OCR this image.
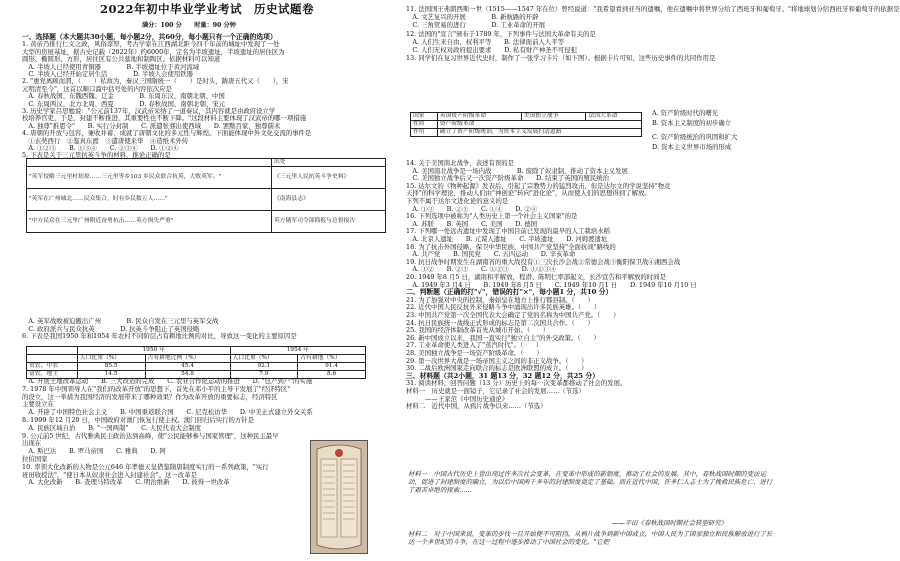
2022年初中毕业学业考试　历史试题卷
满分：100 分　　时量：90 分钟
一、选择题（本大题共30小题，每小题2分，共60分，每小题只有一个正确的选项）
1. 黄帝乃推行仁义之政，风俗淳厚，考古学家在江西湖北距今四千年前的城址中发现了一处
大型的房屋基址，据古史记载（2022年）约6000年，定名为半坡遗址，半坡遗址的居住区为
圆形、椭圆形、方形，居住区有公共墓地和制陶区。依据材料可以知道
　A. 半坡人已经使用青铜器　　　　B. 半坡遗址位于黄河流域
　C. 半坡人已经开始定居生活　　　　D. 半坡人会使用铁器
2. "惠党离顾而渭，（　　）私故为，秦汉三国隋统一（　　）是时头，隋唐五代又（　　），宋
元明清至今"，这首以顺口溜中括号处的内容依次应是
　A. 春秋战国、东魏西魏、辽金　　　　B. 东周东汉、南朝北朝、中国
　C. 东周两汉、北方北周、西夏　　　　D. 春秋战国、南朝北朝、宋元
3. 历史学家吕思勉说："公元前137年，汉武帝采纳了一道奏议，其内容就是由政府设立学
校培养官吏，于是，封建不断推进，其重要性也不断下降。"这段材料主要体现了汉武帝的哪一项措施
　A. 独尊"推恩令"　　B. 实行分封制　　C. 派遣张骞出使西域　　D. 罢黜百家，独尊儒术
4. 唐朝的开放与包容，兼收并蓄，成就了唐朝文化的多元性与辉煌。下面能体现中外文化交流的事件是
　①玄奘西行　②鉴真东渡　③遣唐使来华　④造纸术外传
　A. ①②③　　B. ①③④　　C. ②③④　　D. ①②④
5. 下表是关于三元里抗英斗争的材料，推论正确的是
	出处
"英军侵略三元里村劫掠……三元里等乡103 乡民众联合抗英，大败英军。"	《三元里人民抗英斗争史料》
"英军在广州城北……民众集合，时有乡民数万人……"	《南海县志》
"中方民众在三元里广州附近奋勇抗击……英方损失严重"	英方随军司令部简报与总督报告
　A. 英军战败被迫撤出广州　　　　B. 民众自发在三元里与英军交战
　C. 政府派兵与民众抗英　　　　D. 抗英斗争阻止了英国侵略
6. 下表是我国1950 年和1954 年农村不同阶层占有耕地比例的对比，导致这一变化的主要原因是
	1950 年		1954 年	
	人口比重（%）	占有耕地比例（%）	人口比重（%）	占有耕地（%）
贫农、中农	85.5	45.4	92.1	91.4
富农、地主	14.5	54.8	7.9	8.6
　A. 开展土地改革运动　　B. 三大改造的完成　　C. 农业合作化运动的推进　　D. "包产到户"的实施
7. 1978 年中国领导人在"我们的改革开放"的思想下，首先在邓小平的主导下发展了"经济特区"
的设立，这一举措为我国经济的发展带来了哪种效果？作为改革开放的重要标志，经济特区
主要设立在
　A. 开辟了中国特色社会主义　　B. 中国重返联合国　　C. 尼克松访华　　D. 中美正式建立外交关系
8. 1999 年12 月20 日，中国政府对澳门恢复行使主权。澳门回归后实行的方针是
　A. 民族区域自治　　B. "一国两制"　　C. 人民代表大会制度
9. 公元前5 世纪，古代雅典民主政治达到高峰，使"公民能够参与国家管理"，这种民主最早
出现在
　A. 斯巴达　　B. 罗马帝国　　C. 雅典　　D. 阿
拉伯国家
10. 率领大化改新的人物是公元646 年孝德天皇借鉴隋唐制度实行的一系列政策，"实行
班田收授法"，"使日本从奴隶社会进入封建社会"。这一改革是
　A. 大化改新　　B. 查理马特改革　　C. 明治维新　　D. 彼得一世改革
11. 法国国王弗朗西斯一世（1515——1547 年在位）曾经说道："我希望看到亚当的遗嘱，他在遗嘱中将世界分给了西班牙和葡萄牙。"将地球划分给西班牙和葡萄牙的依据是
　A. 文艺复兴的开展　　　　B. 新航路的开辟
　C. 三角贸易的进行　　　　D. 工业革命的开展
12. 法国的"宣言"颁布于1789 年，下列事件与法国大革命有关的是
　A. 人们生来自由，权利平等　　B. 法律面前人人平等
　C. 人们无权对政府提出要求　　D. 私有财产神圣不可侵犯
13. 同学们在复习世界近代史时，制作了一张学习卡片（如下图）。根据卡片可知，这些历史事件的共同作用是
国家	英国资产阶级革命	美国独立战争	法国大革命
性质	资产阶级革命		
作用	确立了资产阶级统治，为资本主义发展扫清道路		
A. 资产阶级时代的曙光
B. 资本主义制度的初步确立
C. 资产阶级统治的巩固和扩大
D. 资本主义世界市场的形成
14. 关于美国南北战争，表述有误的是
　A. 美国南北战争是一场内战　　　　B. 废除了奴隶制，推动了资本主义发展
　C. 美国独立战争后又一次资产阶级革命　　D. 结束了英国的殖民统治
15. 达尔文的《物种起源》发表后，引起了宗教势力的猛烈攻击，但是达尔文的学说坚持"物竞
天择"的科学理论，推动人们由"神创论"转向"进化论"，从而使人们的思想得到了解放。
下列不属于达尔文进化论的意义的是
　A. ①③　　B. ②③　　C. ①④　　D. ②④
16. 下列选项中被称为"人类历史上第一个社会主义国家"的是
　A. 苏联　　B. 英国　　C. 美国　　D. 德国
17. 下列哪一处远古遗址中发现了中国目前已发现的最早的人工栽培水稻
　A. 北京人遗址　　B. 元谋人遗址　　C. 半坡遗址　　D. 河姆渡遗址
18. 为了抗击外国侵略，保卫中华民族，中国共产党坚持"全面抗战"路线的
　A. 共产党　　B. 国民党　　C. 五四运动　　D. 辛亥革命
19. 抗日战争时期发生在湖南省的重大战役有①三次长沙会战②常德会战③衡阳保卫战④湘西会战
　A. ①②　　B. ②③　　C. ①②③　　D. ①②③④
20. 1949 年8 月5 日，湖南和平解放，程潜、陈明仁率部起义，长沙宣告和平解放的时间是
　A. 1949 年3 月4 日　　B. 1949 年8 月5 日　　C. 1949 年10 月1 日　　D. 1949 年10 月10 日
二、判断题（正确的打"√"，错误的打"×"，每小题1 分，共10 分）
21. 为了加强对中央的控制，秦始皇在地方上推行郡县制。（　　）
22. 近代中国人民反抗外来侵略斗争中涌现出许多民族英雄。（　　）
23. 中国共产党第一次全国代表大会确定了党的名称为中国共产党。（　　）
24. 抗日民族统一战线正式形成的标志是第二次国共合作。（　　）
25. 我国的经济体制改革首先从城市开始。（　　）
26. 新中国成立以来，我国一直实行"独立自主"的外交政策。（　　）
27. 工业革命使人类进入了"蒸汽时代"。（　　）
28. 美国独立战争是一场资产阶级革命。（　　）
29. 第一次世界大战是一场帝国主义之间的非正义战争。（　　）
30. 二战后欧洲国家走向联合的标志是欧洲联盟的成立。（　　）
三、材料题（共2小题，31 题13 分，32 题12 分，共25 分）
31. 阅读材料，回答问题（13 分）历史上的每一次变革都推动了社会的发展。
材料一　历史就是一面镜子，它记录了社会的发展……（节选）
　　　——王家范《中国历史通论》
材料二　近代中国，从鸦片战争以来……（节选）
材料一　中国古代历史上曾出现过许多次社会变革，在变革中形成的新制度，推动了社会的发展。其中，春秋战国时期的变法运动，促进了封建制度的确立，为以后中国两千多年的封建制度奠定了基础。而在近代中国，许多仁人志士为了挽救民族危亡，进行了艰苦卓绝的探索……
——辛田《春秋战国时期社会转型研究》
材料二　对于中国来说，变革的步伐一旦开始便不可阻挡。从鸦片战争到新中国成立，中国人民为了国家独立和民族解放进行了长达一个多世纪的斗争，在这一过程中逐步推动了中国社会的变化。"它把
